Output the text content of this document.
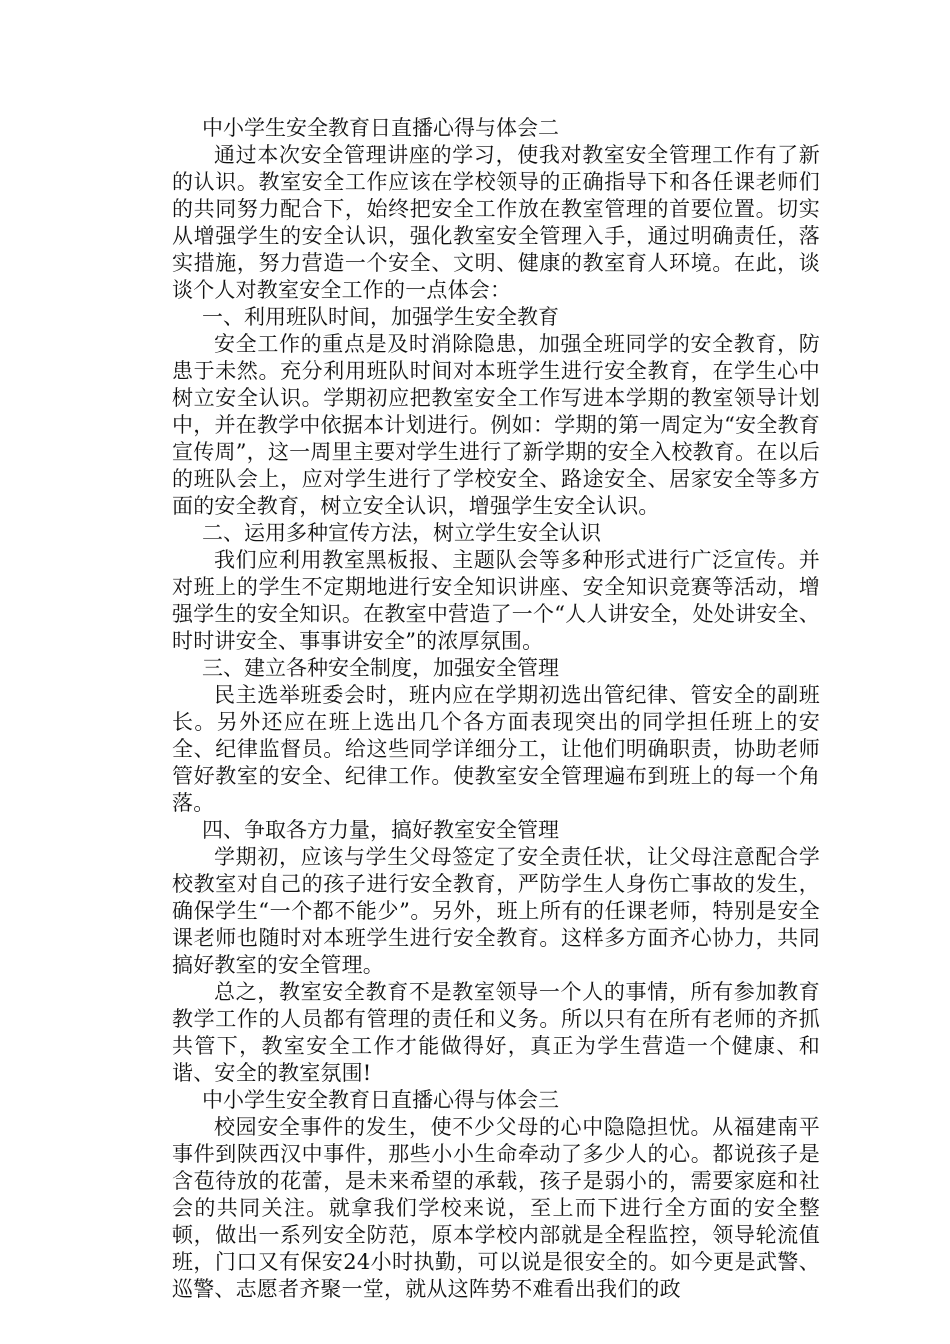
中小学生安全教育日直播心得与体会二

通过本次安全管理讲座的学习，使我对教室安全管理工作有了新的认识。教室安全工作应该在学校领导的正确指导下和各任课老师们的共同努力配合下，始终把安全工作放在教室管理的首要位置。切实从增强学生的安全认识，强化教室安全管理入手，通过明确责任，落实措施，努力营造一个安全、文明、健康的教室育人环境。在此，谈谈个人对教室安全工作的一点体会：

一、利用班队时间，加强学生安全教育

安全工作的重点是及时消除隐患，加强全班同学的安全教育，防患于未然。充分利用班队时间对本班学生进行安全教育，在学生心中树立安全认识。学期初应把教室安全工作写进本学期的教室领导计划中，并在教学中依据本计划进行。例如：学期的第一周定为“安全教育宣传周”，这一周里主要对学生进行了新学期的安全入校教育。在以后的班队会上，应对学生进行了学校安全、路途安全、居家安全等多方面的安全教育，树立安全认识，增强学生安全认识。

二、运用多种宣传方法，树立学生安全认识

我们应利用教室黑板报、主题队会等多种形式进行广泛宣传。并对班上的学生不定期地进行安全知识讲座、安全知识竞赛等活动，增强学生的安全知识。在教室中营造了一个“人人讲安全，处处讲安全、时时讲安全、事事讲安全”的浓厚氛围。

三、建立各种安全制度，加强安全管理

民主选举班委会时，班内应在学期初选出管纪律、管安全的副班长。另外还应在班上选出几个各方面表现突出的同学担任班上的安全、纪律监督员。给这些同学详细分工，让他们明确职责，协助老师管好教室的安全、纪律工作。使教室安全管理遍布到班上的每一个角落。

四、争取各方力量，搞好教室安全管理

学期初，应该与学生父母签定了安全责任状，让父母注意配合学校教室对自己的孩子进行安全教育，严防学生人身伤亡事故的发生，确保学生“一个都不能少”。另外，班上所有的任课老师，特别是安全课老师也随时对本班学生进行安全教育。这样多方面齐心协力，共同搞好教室的安全管理。

总之，教室安全教育不是教室领导一个人的事情，所有参加教育教学工作的人员都有管理的责任和义务。所以只有在所有老师的齐抓共管下，教室安全工作才能做得好，真正为学生营造一个健康、和谐、安全的教室氛围!

中小学生安全教育日直播心得与体会三

校园安全事件的发生，使不少父母的心中隐隐担忧。从福建南平事件到陕西汉中事件，那些小小生命牵动了多少人的心。都说孩子是含苞待放的花蕾，是未来希望的承载，孩子是弱小的，需要家庭和社会的共同关注。就拿我们学校来说，至上而下进行全方面的安全整顿，做出一系列安全防范，原本学校内部就是全程监控，领导轮流值班，门口又有保安24小时执勤，可以说是很安全的。如今更是武警、巡警、志愿者齐聚一堂，就从这阵势不难看出我们的政
